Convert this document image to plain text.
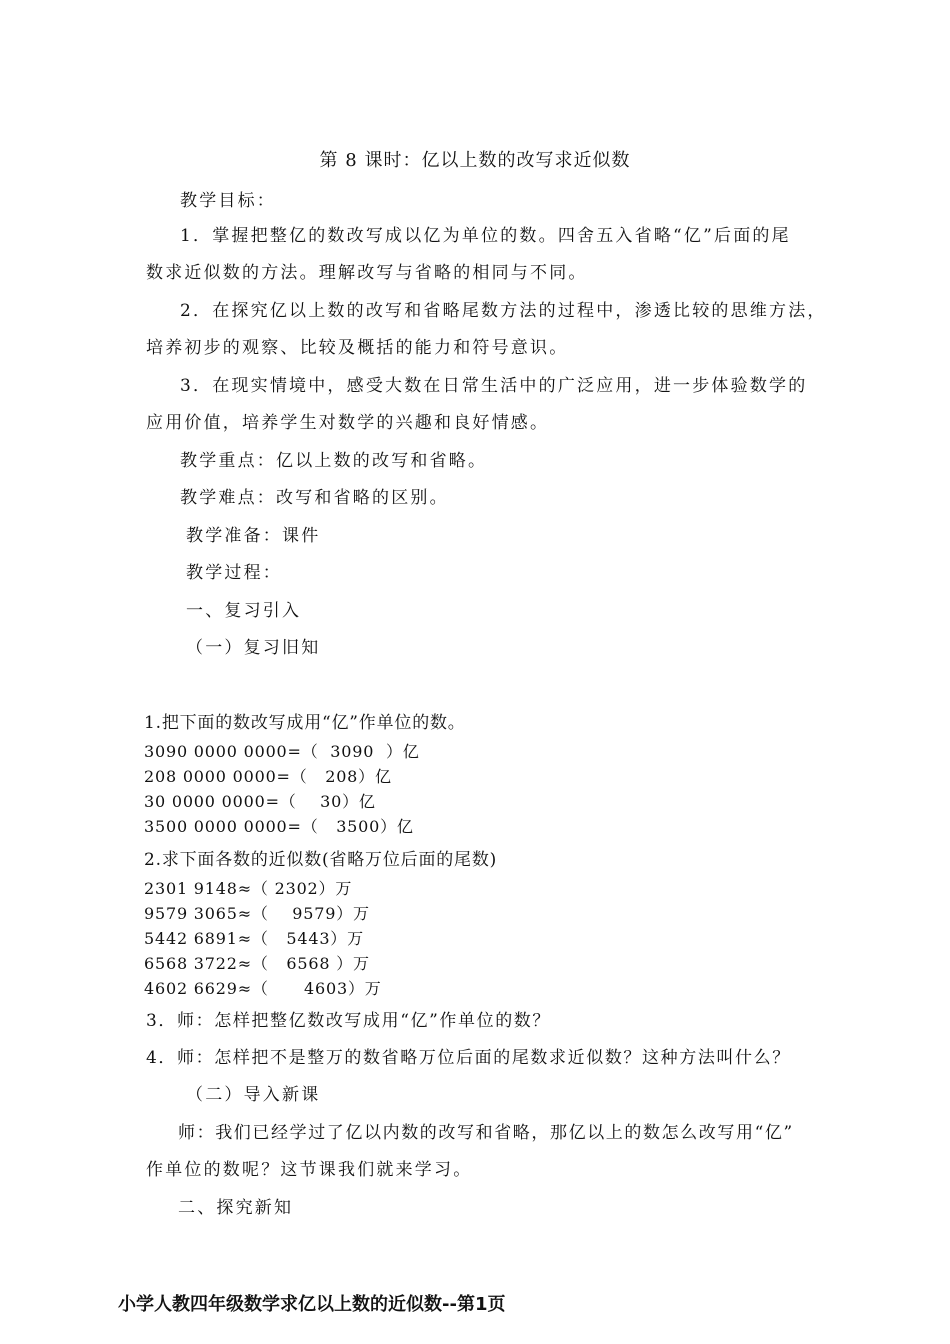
第 8 课时：亿以上数的改写求近似数
教学目标：
1．掌握把整亿的数改写成以亿为单位的数。四舍五入省略“亿”后面的尾
数求近似数的方法。理解改写与省略的相同与不同。
2．在探究亿以上数的改写和省略尾数方法的过程中，渗透比较的思维方法，
培养初步的观察、比较及概括的能力和符号意识。
3．在现实情境中，感受大数在日常生活中的广泛应用，进一步体验数学的
应用价值，培养学生对数学的兴趣和良好情感。
教学重点：亿以上数的改写和省略。
教学难点：改写和省略的区别。
教学准备：课件
教学过程：
一、复习引入
（一）复习旧知
1.把下面的数改写成用“亿”作单位的数。
3090 0000 0000=（  3090  ）亿
208 0000 0000=（   208）亿
30 0000 0000=（    30）亿
3500 0000 0000=（   3500）亿
2.求下面各数的近似数(省略万位后面的尾数)
2301 9148≈（ 2302）万
9579 3065≈（    9579）万
5442 6891≈（   5443）万
6568 3722≈（   6568 ）万
4602 6629≈（      4603）万
3．师：怎样把整亿数改写成用“亿”作单位的数？
4．师：怎样把不是整万的数省略万位后面的尾数求近似数？这种方法叫什么？
（二）导入新课
师：我们已经学过了亿以内数的改写和省略，那亿以上的数怎么改写用“亿”
作单位的数呢？这节课我们就来学习。
二、探究新知
小学人教四年级数学求亿以上数的近似数--第1页
